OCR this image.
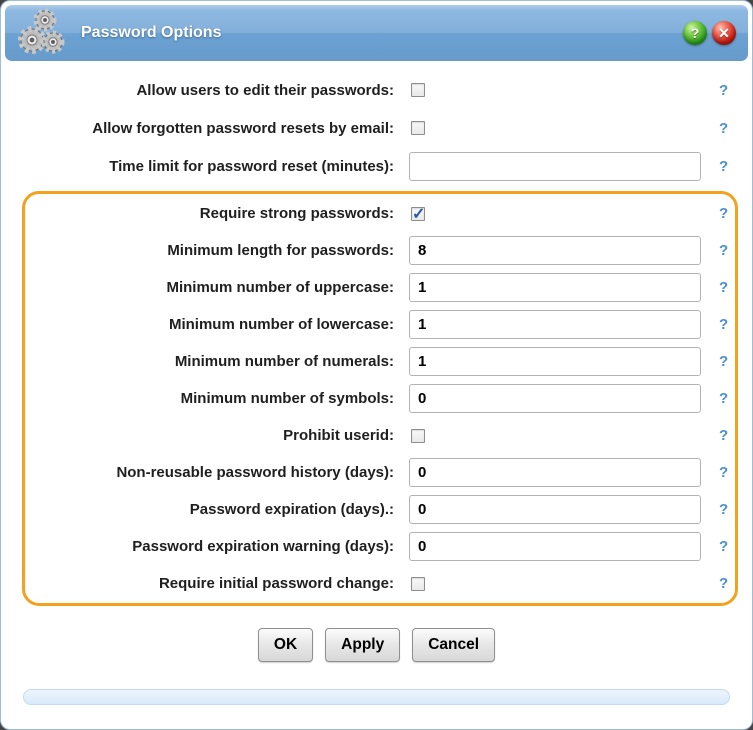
Password Options	?	✕
Allow users to edit their passwords:	?
Allow forgotten password resets by email:	?
Time limit for password reset (minutes):	?
Require strong passwords: ✓	?
Minimum length for passwords:
8	?
Minimum number of uppercase:
1	?
Minimum number of lowercase:
1	?
Minimum number of numerals:
1	?
Minimum number of symbols:
0	?
Prohibit userid:	?
Non-reusable password history (days):
0	?
Password expiration (days).:
0	?
Password expiration warning (days):
0	?
Require initial password change:	?
OK	Apply	Cancel
